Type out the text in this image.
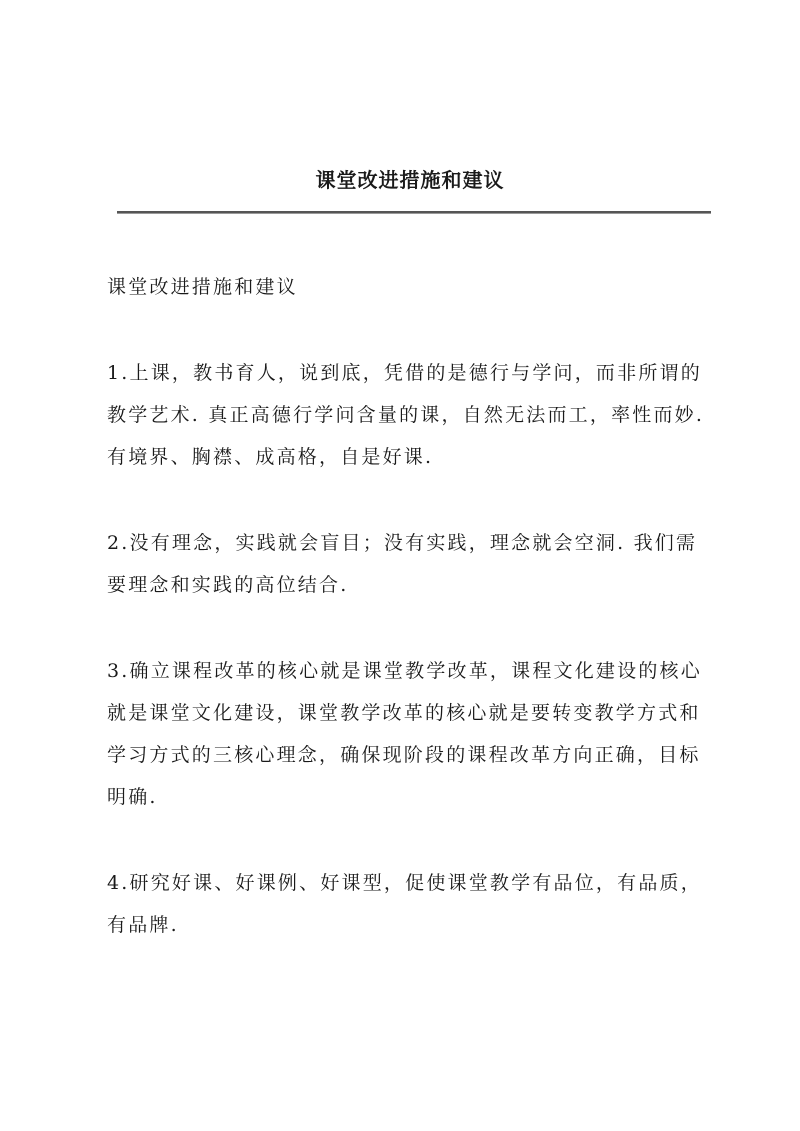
课堂改进措施和建议

课堂改进措施和建议

1.上课，教书育人，说到底，凭借的是德行与学问，而非所谓的教学艺术. 真正高德行学问含量的课，自然无法而工，率性而妙. 有境界、胸襟、成高格，自是好课.

2.没有理念，实践就会盲目；没有实践，理念就会空洞. 我们需要理念和实践的高位结合.

3.确立课程改革的核心就是课堂教学改革，课程文化建设的核心就是课堂文化建设，课堂教学改革的核心就是要转变教学方式和学习方式的三核心理念，确保现阶段的课程改革方向正确，目标明确.

4.研究好课、好课例、好课型，促使课堂教学有品位，有品质，有品牌.
